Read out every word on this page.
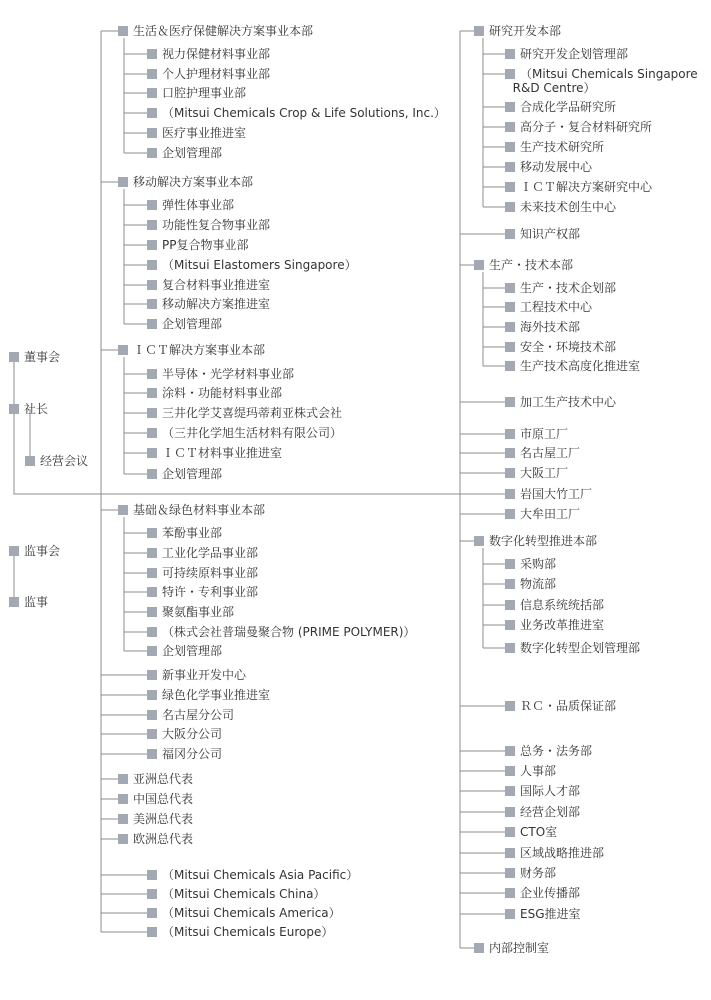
董事会
社长
经营会议
监事会
监事
生活＆医疗保健解决方案事业本部
视力保健材料事业部
个人护理材料事业部
口腔护理事业部
（Mitsui Chemicals Crop & Life Solutions, Inc.）
医疗事业推进室
企划管理部
移动解决方案事业本部
弹性体事业部
功能性复合物事业部
PP复合物事业部
（Mitsui Elastomers Singapore）
复合材料事业推进室
移动解决方案推进室
企划管理部
ＩＣＴ解决方案事业本部
半导体・光学材料事业部
涂料・功能材料事业部
三井化学艾喜缇玛蒂莉亚株式会社
（三井化学旭生活材料有限公司）
ＩＣＴ材料事业推进室
企划管理部
基础＆绿色材料事业本部
苯酚事业部
工业化学品事业部
可持续原料事业部
特许・专利事业部
聚氨酯事业部
（株式会社普瑞曼聚合物 (PRIME POLYMER)）
企划管理部
新事业开发中心
绿色化学事业推进室
名古屋分公司
大阪分公司
福冈分公司
亚洲总代表
中国总代表
美洲总代表
欧洲总代表
（Mitsui Chemicals Asia Pacific）
（Mitsui Chemicals China）
（Mitsui Chemicals America）
（Mitsui Chemicals Europe）
研究开发本部
研究开发企划管理部
（Mitsui Chemicals Singapore
R&D Centre）
合成化学品研究所
高分子・复合材料研究所
生产技术研究所
移动发展中心
ＩＣＴ解决方案研究中心
未来技术创生中心
知识产权部
生产・技术本部
生产・技术企划部
工程技术中心
海外技术部
安全・环境技术部
生产技术高度化推进室
加工生产技术中心
市原工厂
名古屋工厂
大阪工厂
岩国大竹工厂
大牟田工厂
数字化转型推进本部
采购部
物流部
信息系统统括部
业务改革推进室
数字化转型企划管理部
ＲＣ・品质保证部
总务・法务部
人事部
国际人才部
经营企划部
CTO室
区域战略推进部
财务部
企业传播部
ESG推进室
内部控制室
